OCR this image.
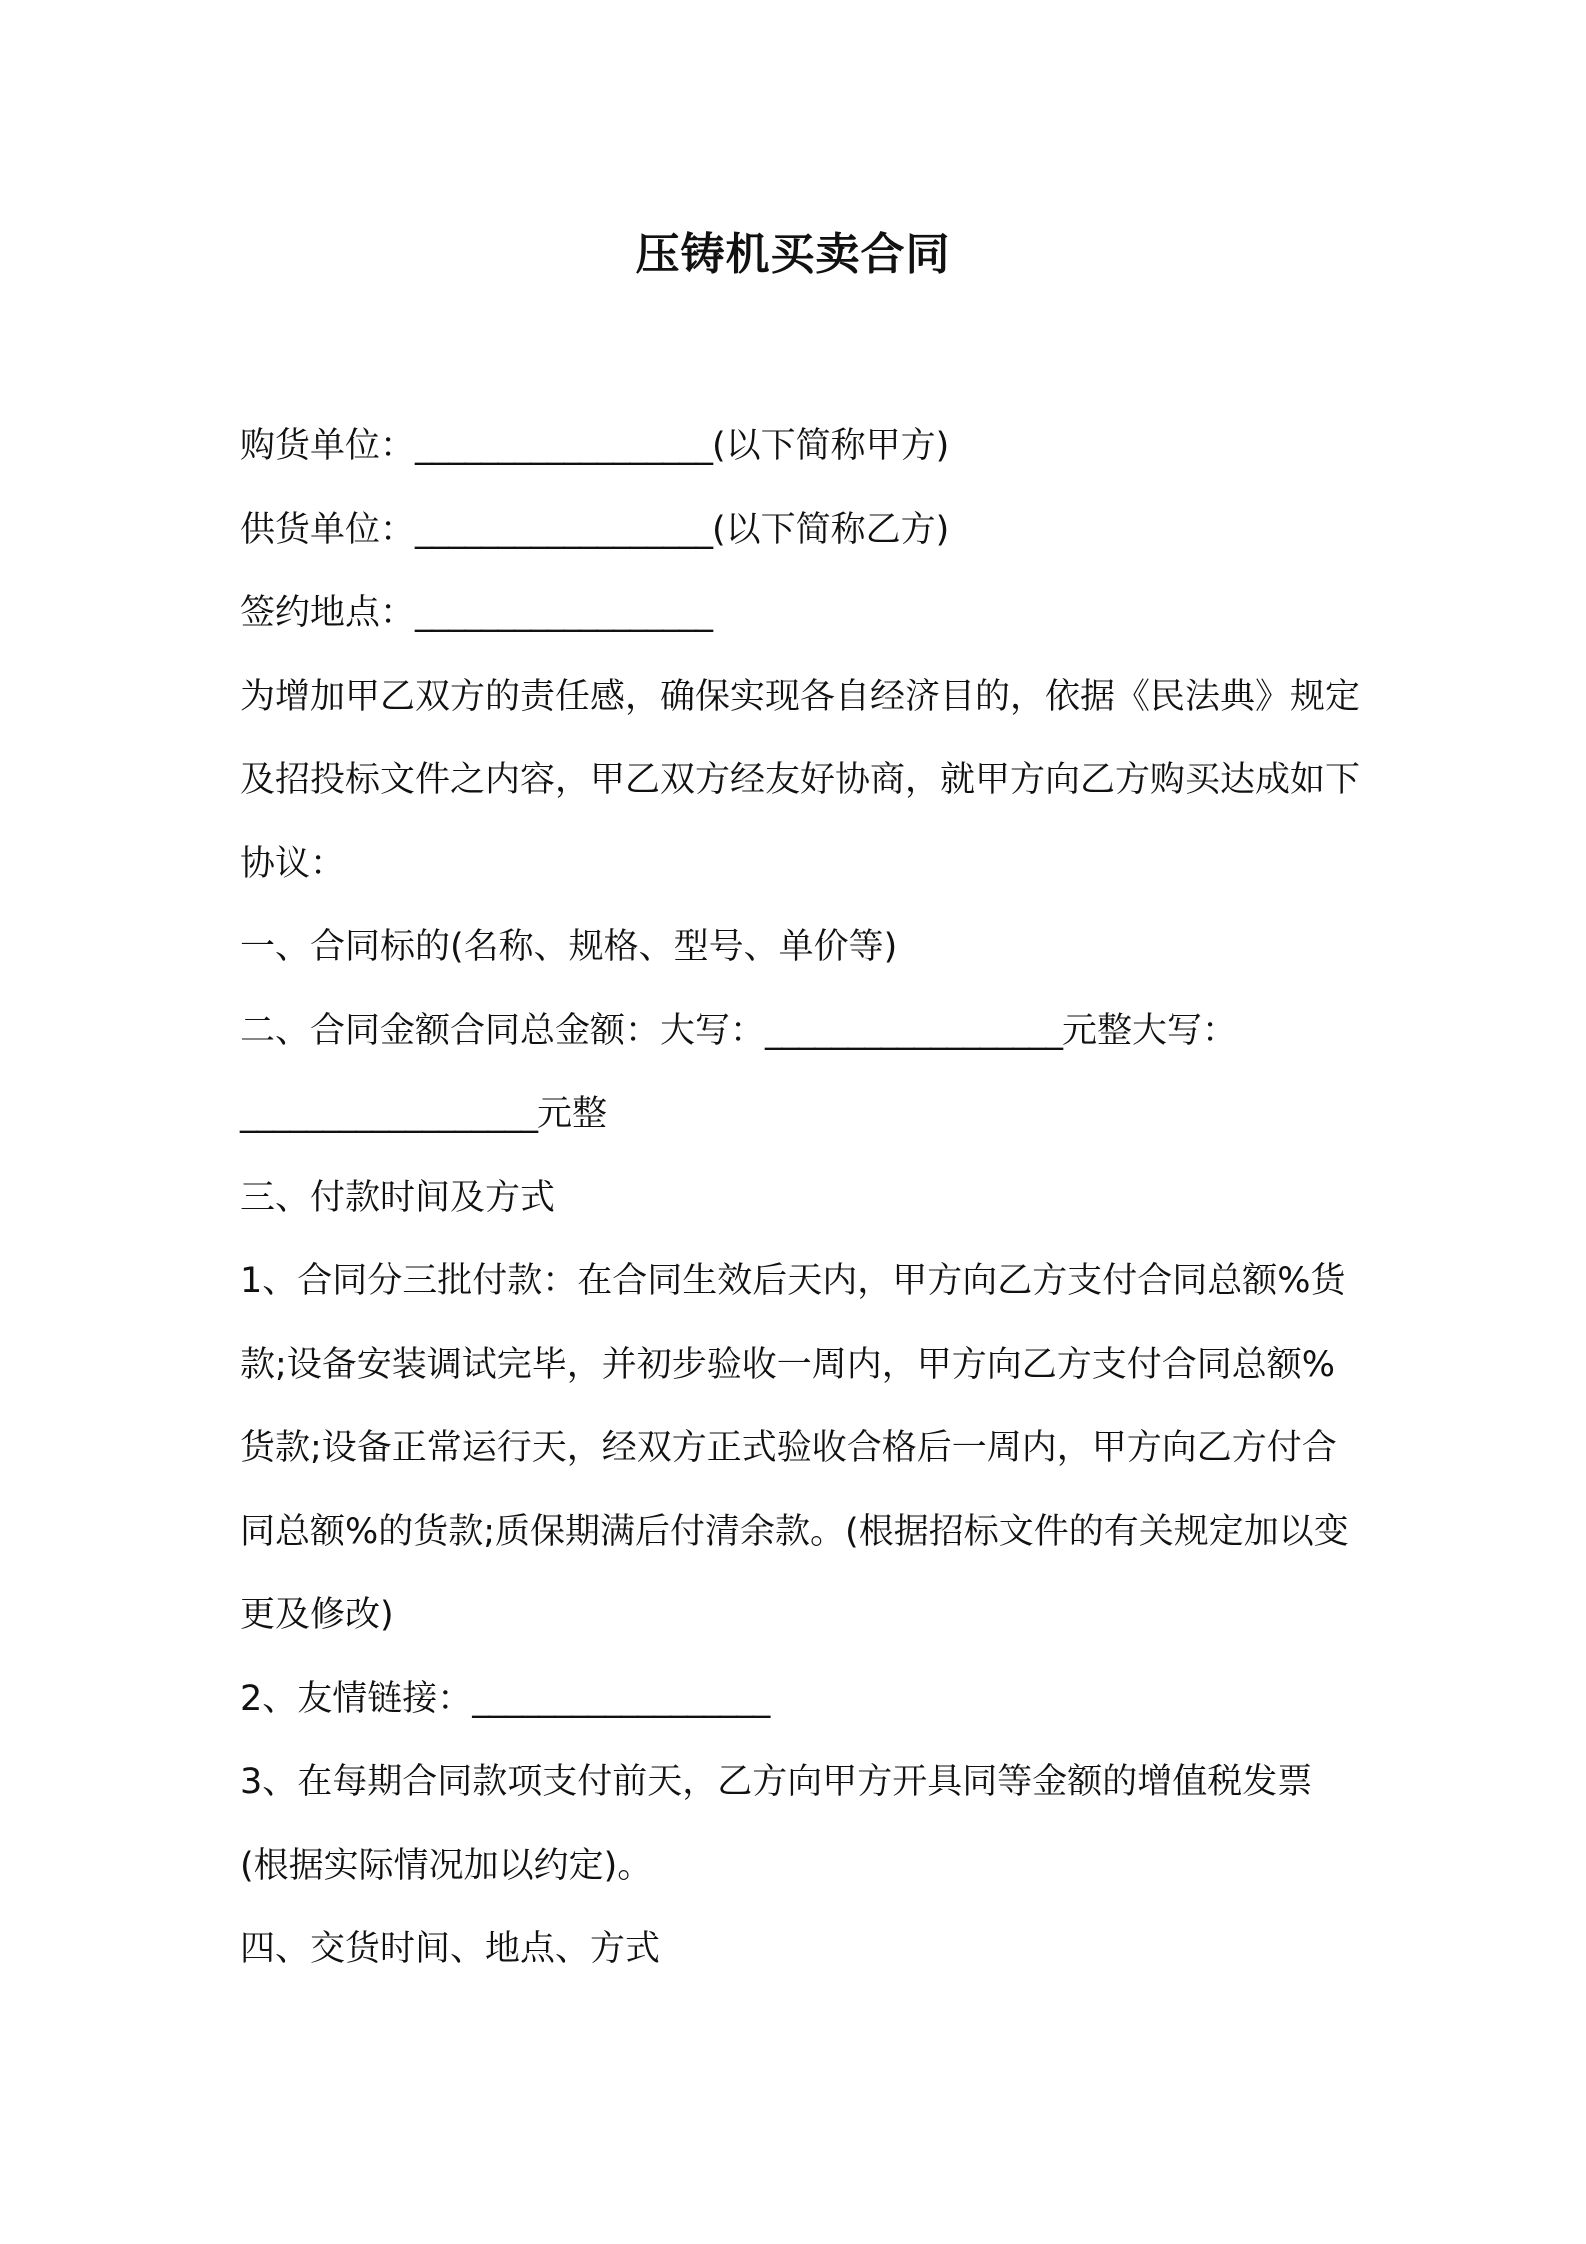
压铸机买卖合同
购货单位：__________________(以下简称甲方)
供货单位：__________________(以下简称乙方)
签约地点：__________________
为增加甲乙双方的责任感，确保实现各自经济目的，依据《民法典》规定及招投标文件之内容，甲乙双方经友好协商，就甲方向乙方购买达成如下协议：
一、合同标的(名称、规格、型号、单价等)
二、合同金额合同总金额：大写：__________________元整大写：__________________元整
三、付款时间及方式
1、合同分三批付款：在合同生效后天内，甲方向乙方支付合同总额%货款;设备安装调试完毕，并初步验收一周内，甲方向乙方支付合同总额%货款;设备正常运行天，经双方正式验收合格后一周内，甲方向乙方付合同总额%的货款;质保期满后付清余款。(根据招标文件的有关规定加以变更及修改)
2、友情链接：__________________
3、在每期合同款项支付前天，乙方向甲方开具同等金额的增值税发票(根据实际情况加以约定)。
四、交货时间、地点、方式
